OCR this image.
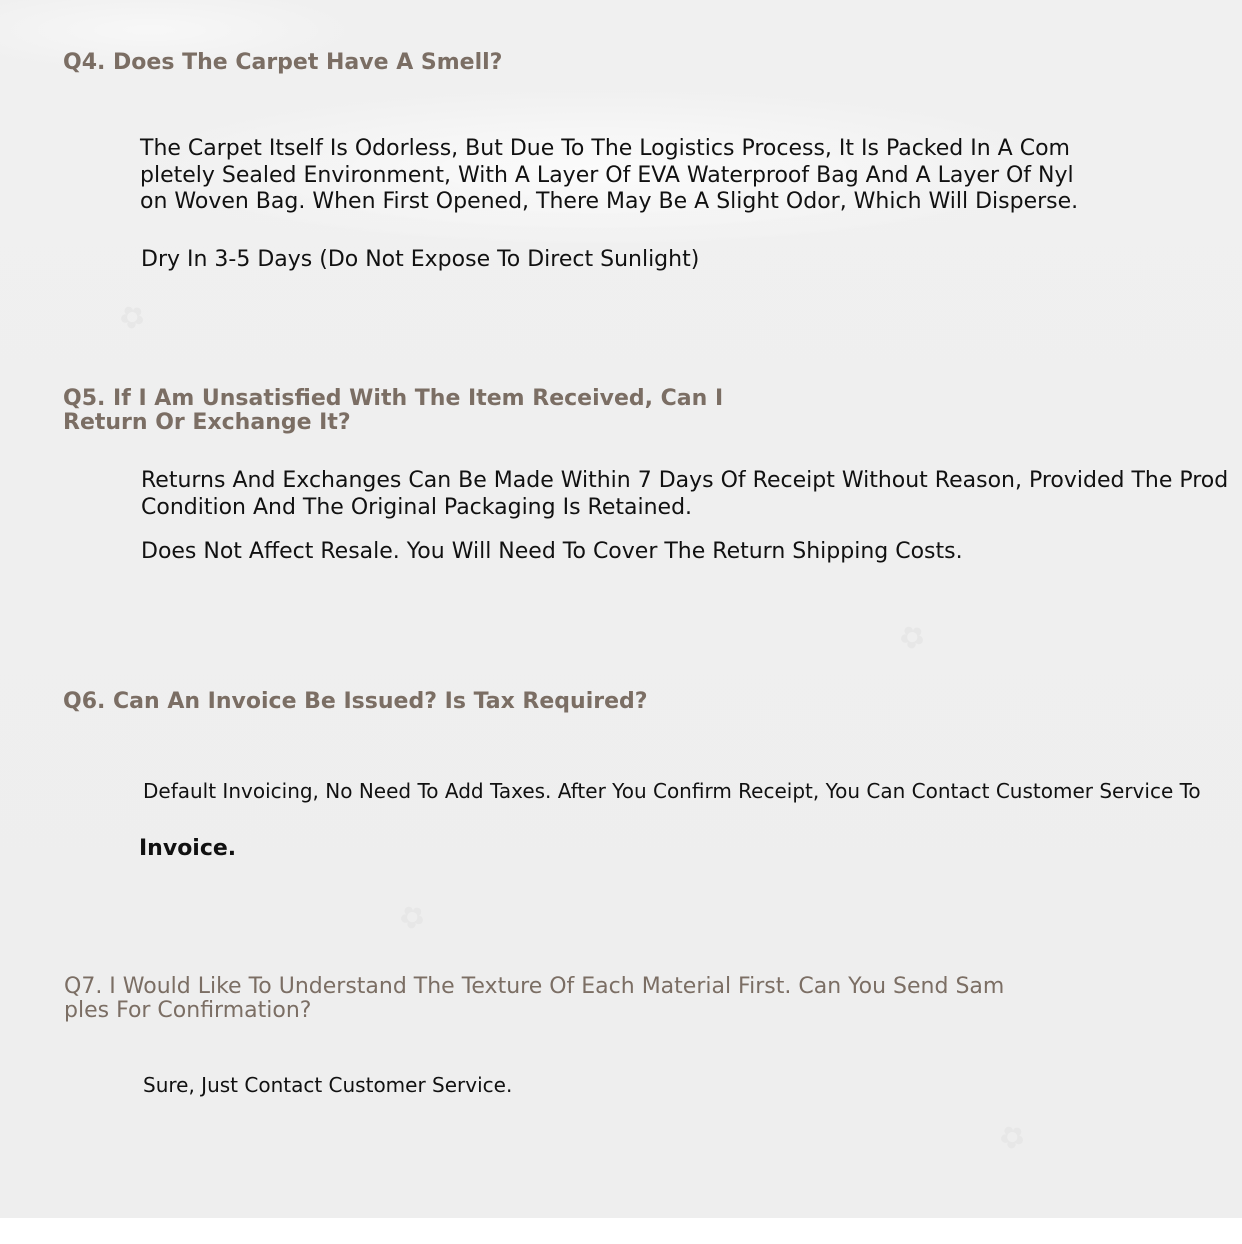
✿
✿
✿
✿
Q4. Does The Carpet Have A Smell?
The Carpet Itself Is Odorless, But Due To The Logistics Process, It Is Packed In A Com
pletely Sealed Environment, With A Layer Of EVA Waterproof Bag And A Layer Of Nyl
on Woven Bag. When First Opened, There May Be A Slight Odor, Which Will Disperse.

Dry In 3-5 Days (Do Not Expose To Direct Sunlight)

Q5. If I Am Unsatisfied With The Item Received, Can I
Return Or Exchange It?
Returns And Exchanges Can Be Made Within 7 Days Of Receipt Without Reason, Provided The Prod
Condition And The Original Packaging Is Retained.

Does Not Affect Resale. You Will Need To Cover The Return Shipping Costs.

Q6. Can An Invoice Be Issued? Is Tax Required?

Default Invoicing, No Need To Add Taxes. After You Confirm Receipt, You Can Contact Customer Service To

Invoice.

Q7. I Would Like To Understand The Texture Of Each Material First. Can You Send Sam
ples For Confirmation?

Sure, Just Contact Customer Service.
